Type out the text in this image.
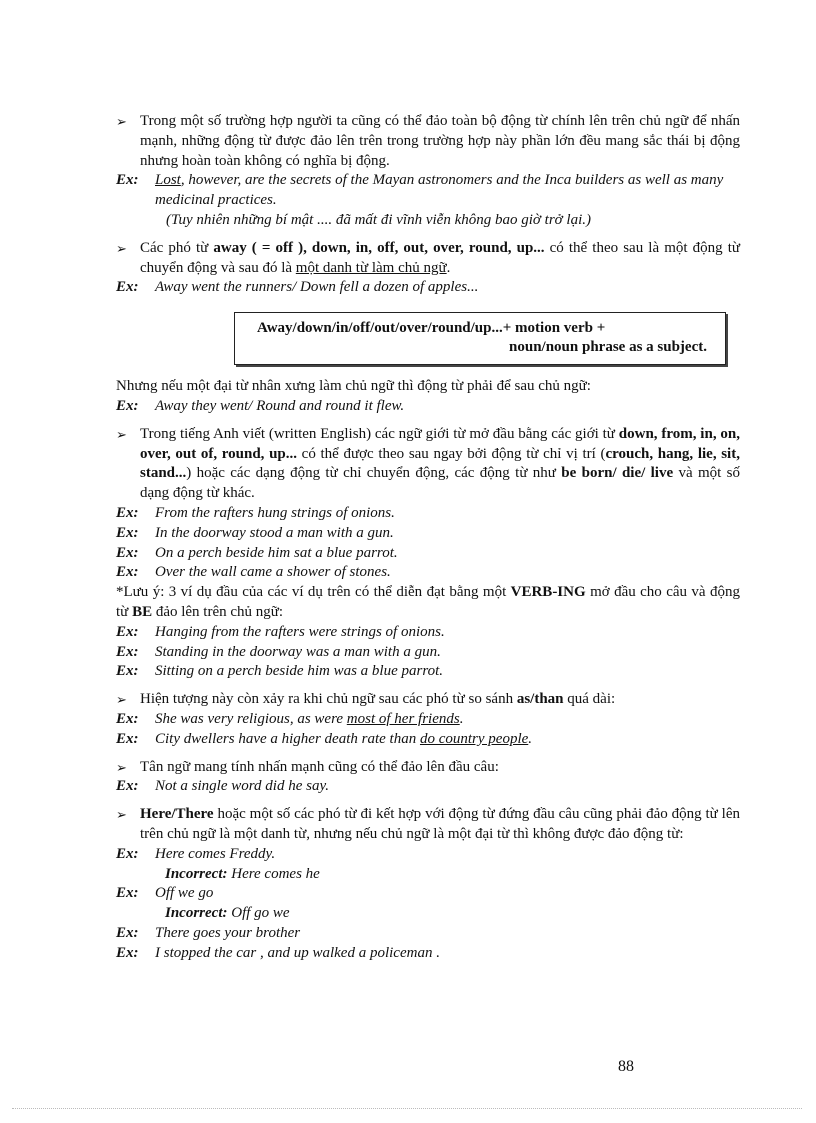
➢ Trong một số trường hợp người ta cũng có thể đảo toàn bộ động từ chính lên trên chủ ngữ để nhấn mạnh, những động từ được đảo lên trên trong trường hợp này phần lớn đều mang sắc thái bị động nhưng hoàn toàn không có nghĩa bị động.
Ex:	Lost, however, are the secrets of the Mayan astronomers and the Inca builders as well as many medicinal practices.
(Tuy nhiên những bí mật .... đã mất đi vĩnh viễn không bao giờ trở lại.)
➢ Các phó từ away ( = off ), down, in, off, out, over, round, up... có thể theo sau là một động từ chuyển động và sau đó là một danh từ làm chủ ngữ.
Ex:	Away went the runners/ Down fell a dozen of apples...
Away/down/in/off/out/over/round/up...+ motion verb +
noun/noun phrase as a subject.
Nhưng nếu một đại từ nhân xưng làm chủ ngữ thì động từ phải để sau chủ ngữ:
Ex:	Away they went/ Round and round it flew.
➢ Trong tiếng Anh viết (written English) các ngữ giới từ mở đầu bằng các giới từ down, from, in, on, over, out of, round, up... có thể được theo sau ngay bởi động từ chỉ vị trí (crouch, hang, lie, sit, stand...) hoặc các dạng động từ chỉ chuyển động, các động từ như be born/ die/ live và một số dạng động từ khác.
Ex:	From the rafters hung strings of onions.
Ex:	In the doorway stood a man with a gun.
Ex:	On a perch beside him sat a blue parrot.
Ex:	Over the wall came a shower of stones.
*Lưu ý: 3 ví dụ đầu của các ví dụ trên có thể diễn đạt bằng một VERB-ING mở đầu cho câu và động từ BE đảo lên trên chủ ngữ:
Ex:	Hanging from the rafters were strings of onions.
Ex:	Standing in the doorway was a man with a gun.
Ex:	Sitting on a perch beside him was a blue parrot.
➢ Hiện tượng này còn xảy ra khi chủ ngữ sau các phó từ so sánh as/than quá dài:
Ex:	She was very religious, as were most of her friends.
Ex:	City dwellers have a higher death rate than do country people.
➢ Tân ngữ mang tính nhấn mạnh cũng có thể đảo lên đầu câu:
Ex:	Not a single word did he say.
➢ Here/There hoặc một số các phó từ đi kết hợp với động từ đứng đầu câu cũng phải đảo động từ lên trên chủ ngữ là một danh từ, nhưng nếu chủ ngữ là một đại từ thì không được đảo động từ:
Ex:	Here comes Freddy.
Incorrect: Here comes he
Ex:	Off we go
Incorrect: Off go we
Ex:	There goes your brother
Ex:	I stopped the car , and up walked a policeman .
88
